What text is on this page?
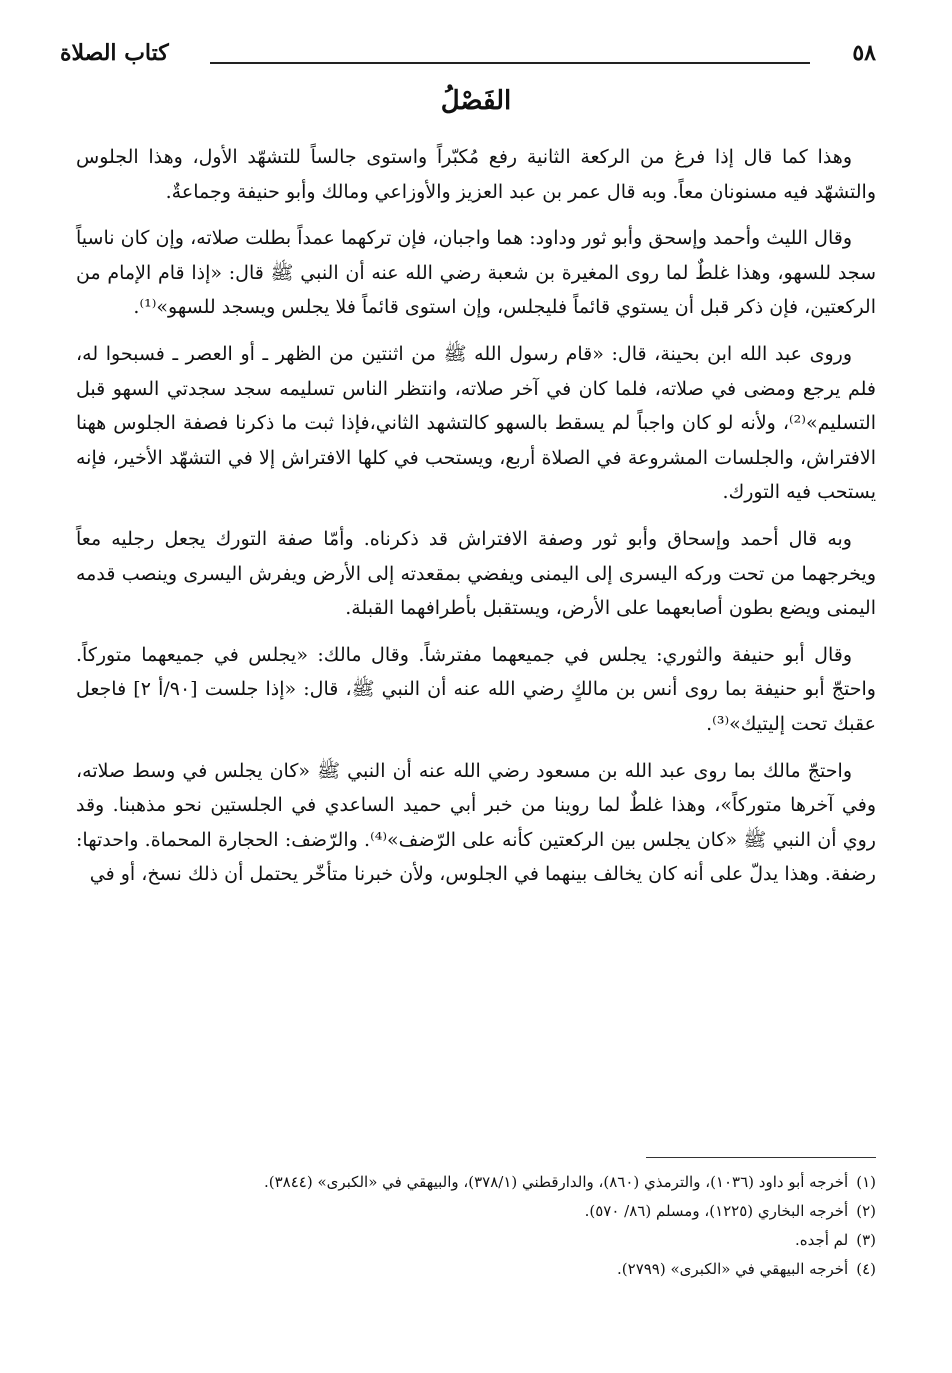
٥٨
كتاب الصلاة
الفَصْلُ

وهذا كما قال إذا فرغ من الركعة الثانية رفع مُكبّراً واستوى جالساً للتشهّد الأول، وهذا الجلوس والتشهّد فيه مسنونان معاً. وبه قال عمر بن عبد العزيز والأوزاعي ومالك وأبو حنيفة وجماعةٌ.

وقال الليث وأحمد وإسحق وأبو ثور وداود: هما واجبان، فإن تركهما عمداً بطلت صلاته، وإن كان ناسياً سجد للسهو، وهذا غلطٌ لما روى المغيرة بن شعبة رضي الله عنه أن النبي ﷺ قال: «إذا قام الإمام من الركعتين، فإن ذكر قبل أن يستوي قائماً فليجلس، وإن استوى قائماً فلا يجلس ويسجد للسهو»⁽¹⁾.

وروى عبد الله ابن بحينة، قال: «قام رسول الله ﷺ من اثنتين من الظهر ـ أو العصر ـ فسبحوا له، فلم يرجع ومضى في صلاته، فلما كان في آخر صلاته، وانتظر الناس تسليمه سجد سجدتي السهو قبل التسليم»⁽²⁾، ولأنه لو كان واجباً لم يسقط بالسهو كالتشهد الثاني،فإذا ثبت ما ذكرنا فصفة الجلوس ههنا الافتراش، والجلسات المشروعة في الصلاة أربع، ويستحب في كلها الافتراش إلا في التشهّد الأخير، فإنه يستحب فيه التورك.

وبه قال أحمد وإسحاق وأبو ثور وصفة الافتراش قد ذكرناه. وأمّا صفة التورك يجعل رجليه معاً ويخرجهما من تحت وركه اليسرى إلى اليمنى ويفضي بمقعدته إلى الأرض ويفرش اليسرى وينصب قدمه اليمنى ويضع بطون أصابعهما على الأرض، ويستقبل بأطرافهما القبلة.

وقال أبو حنيفة والثوري: يجلس في جميعهما مفترشاً. وقال مالك: «يجلس في جميعهما متوركاً. واحتجّ أبو حنيفة بما روى أنس بن مالكٍ رضي الله عنه أن النبي ﷺ، قال: «إذا جلست [٩٠/أ ٢] فاجعل عقبك تحت إليتيك»⁽³⁾.

واحتجّ مالك بما روى عبد الله بن مسعود رضي الله عنه أن النبي ﷺ «كان يجلس في وسط صلاته، وفي آخرها متوركاً»، وهذا غلطٌ لما روينا من خبر أبي حميد الساعدي في الجلستين نحو مذهبنا. وقد روي أن النبي ﷺ «كان يجلس بين الركعتين كأنه على الرّضف»⁽⁴⁾. والرّضف: الحجارة المحماة. واحدتها: رضفة. وهذا يدلّ على أنه كان يخالف بينهما في الجلوس، ولأن خبرنا متأخّر يحتمل أن ذلك نسخ، أو في

(١)
أخرجه أبو داود (١٠٣٦)، والترمذي (٨٦٠)، والدارقطني (٣٧٨/١)، والبيهقي في «الكبرى» (٣٨٤٤).
(٢)
أخرجه البخاري (١٢٢٥)، ومسلم (٨٦/ ٥٧٠).
(٣)
لم أجده.
(٤)
أخرجه البيهقي في «الكبرى» (٢٧٩٩).
